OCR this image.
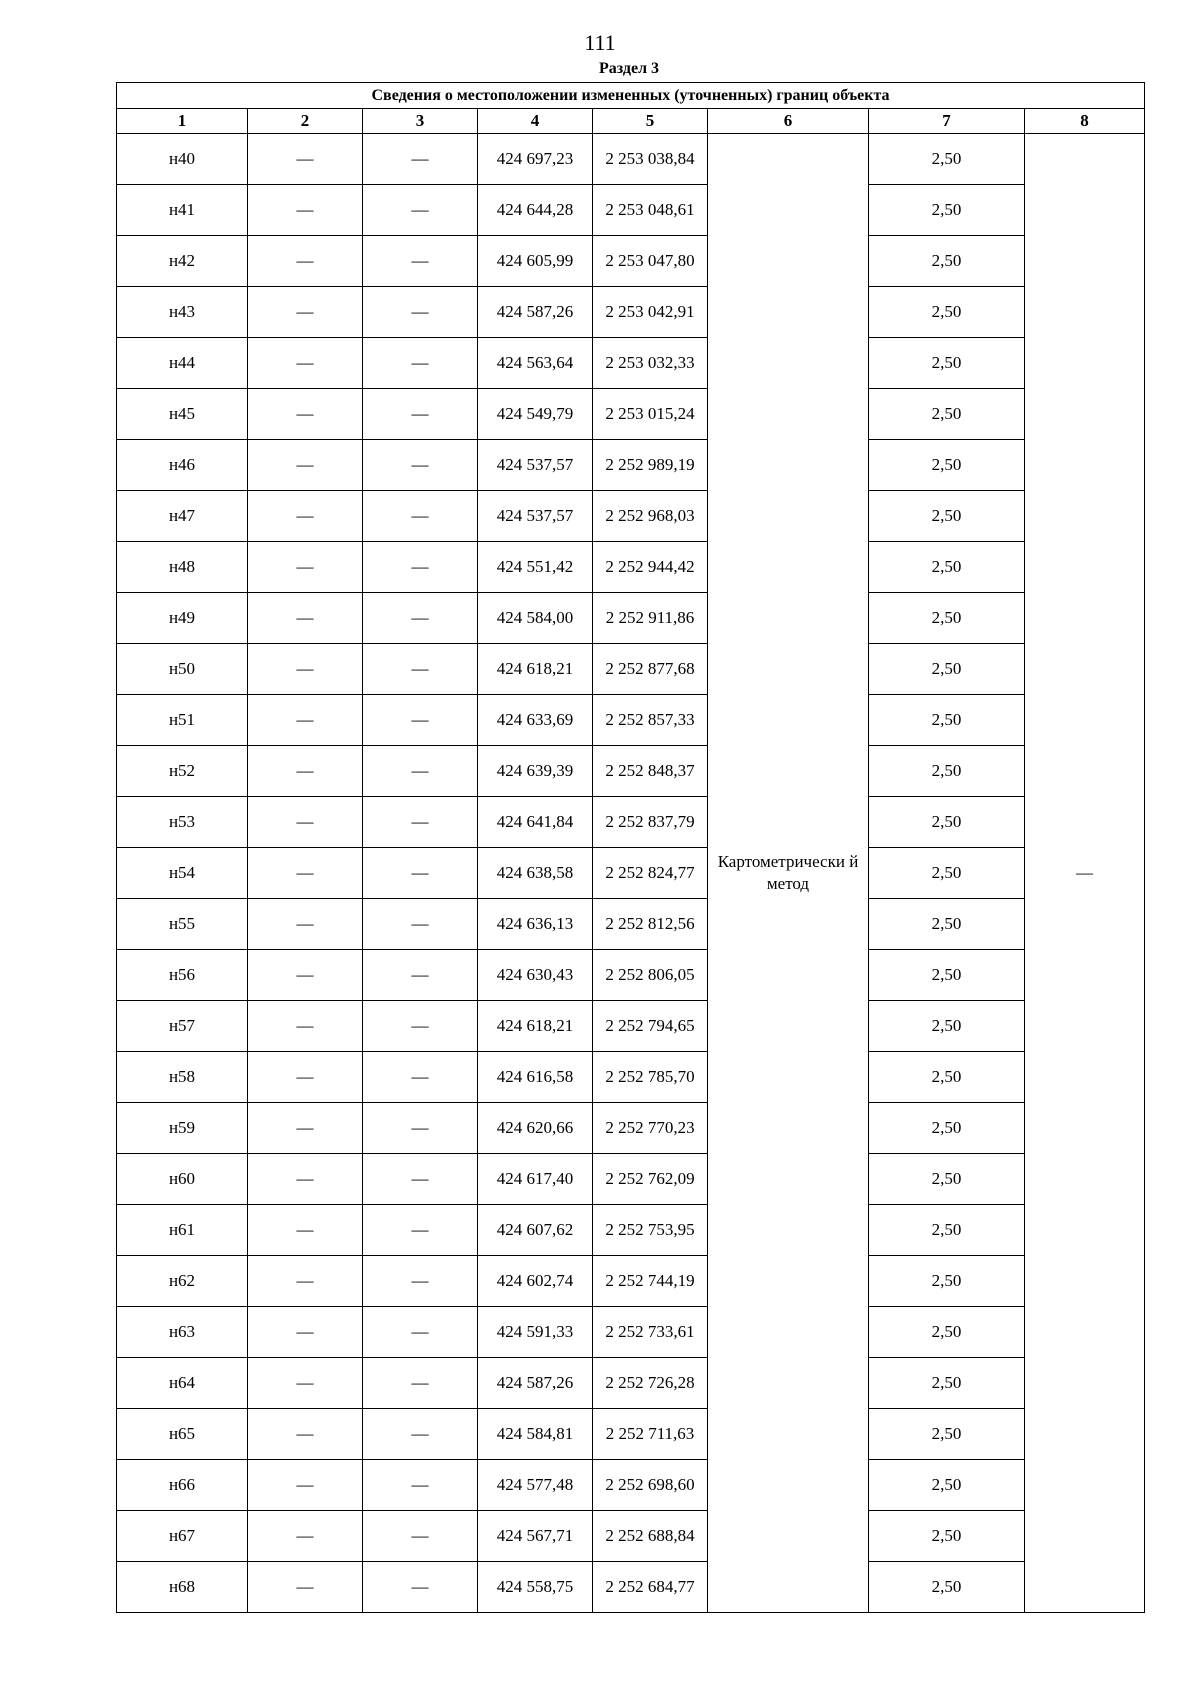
111
Раздел 3
Сведения о местоположении измененных (уточненных) границ объекта							
1	2	3	4	5	6	7	8
н40	—	—	424 697,23	2 253 038,84	Картометрически й метод	2,50	—
н41	—	—	424 644,28	2 253 048,61		2,50	
н42	—	—	424 605,99	2 253 047,80		2,50	
н43	—	—	424 587,26	2 253 042,91		2,50	
н44	—	—	424 563,64	2 253 032,33		2,50	
н45	—	—	424 549,79	2 253 015,24		2,50	
н46	—	—	424 537,57	2 252 989,19		2,50	
н47	—	—	424 537,57	2 252 968,03		2,50	
н48	—	—	424 551,42	2 252 944,42		2,50	
н49	—	—	424 584,00	2 252 911,86		2,50	
н50	—	—	424 618,21	2 252 877,68		2,50	
н51	—	—	424 633,69	2 252 857,33		2,50	
н52	—	—	424 639,39	2 252 848,37		2,50	
н53	—	—	424 641,84	2 252 837,79		2,50	
н54	—	—	424 638,58	2 252 824,77		2,50	
н55	—	—	424 636,13	2 252 812,56		2,50	
н56	—	—	424 630,43	2 252 806,05		2,50	
н57	—	—	424 618,21	2 252 794,65		2,50	
н58	—	—	424 616,58	2 252 785,70		2,50	
н59	—	—	424 620,66	2 252 770,23		2,50	
н60	—	—	424 617,40	2 252 762,09		2,50	
н61	—	—	424 607,62	2 252 753,95		2,50	
н62	—	—	424 602,74	2 252 744,19		2,50	
н63	—	—	424 591,33	2 252 733,61		2,50	
н64	—	—	424 587,26	2 252 726,28		2,50	
н65	—	—	424 584,81	2 252 711,63		2,50	
н66	—	—	424 577,48	2 252 698,60		2,50	
н67	—	—	424 567,71	2 252 688,84		2,50	
н68	—	—	424 558,75	2 252 684,77		2,50	
